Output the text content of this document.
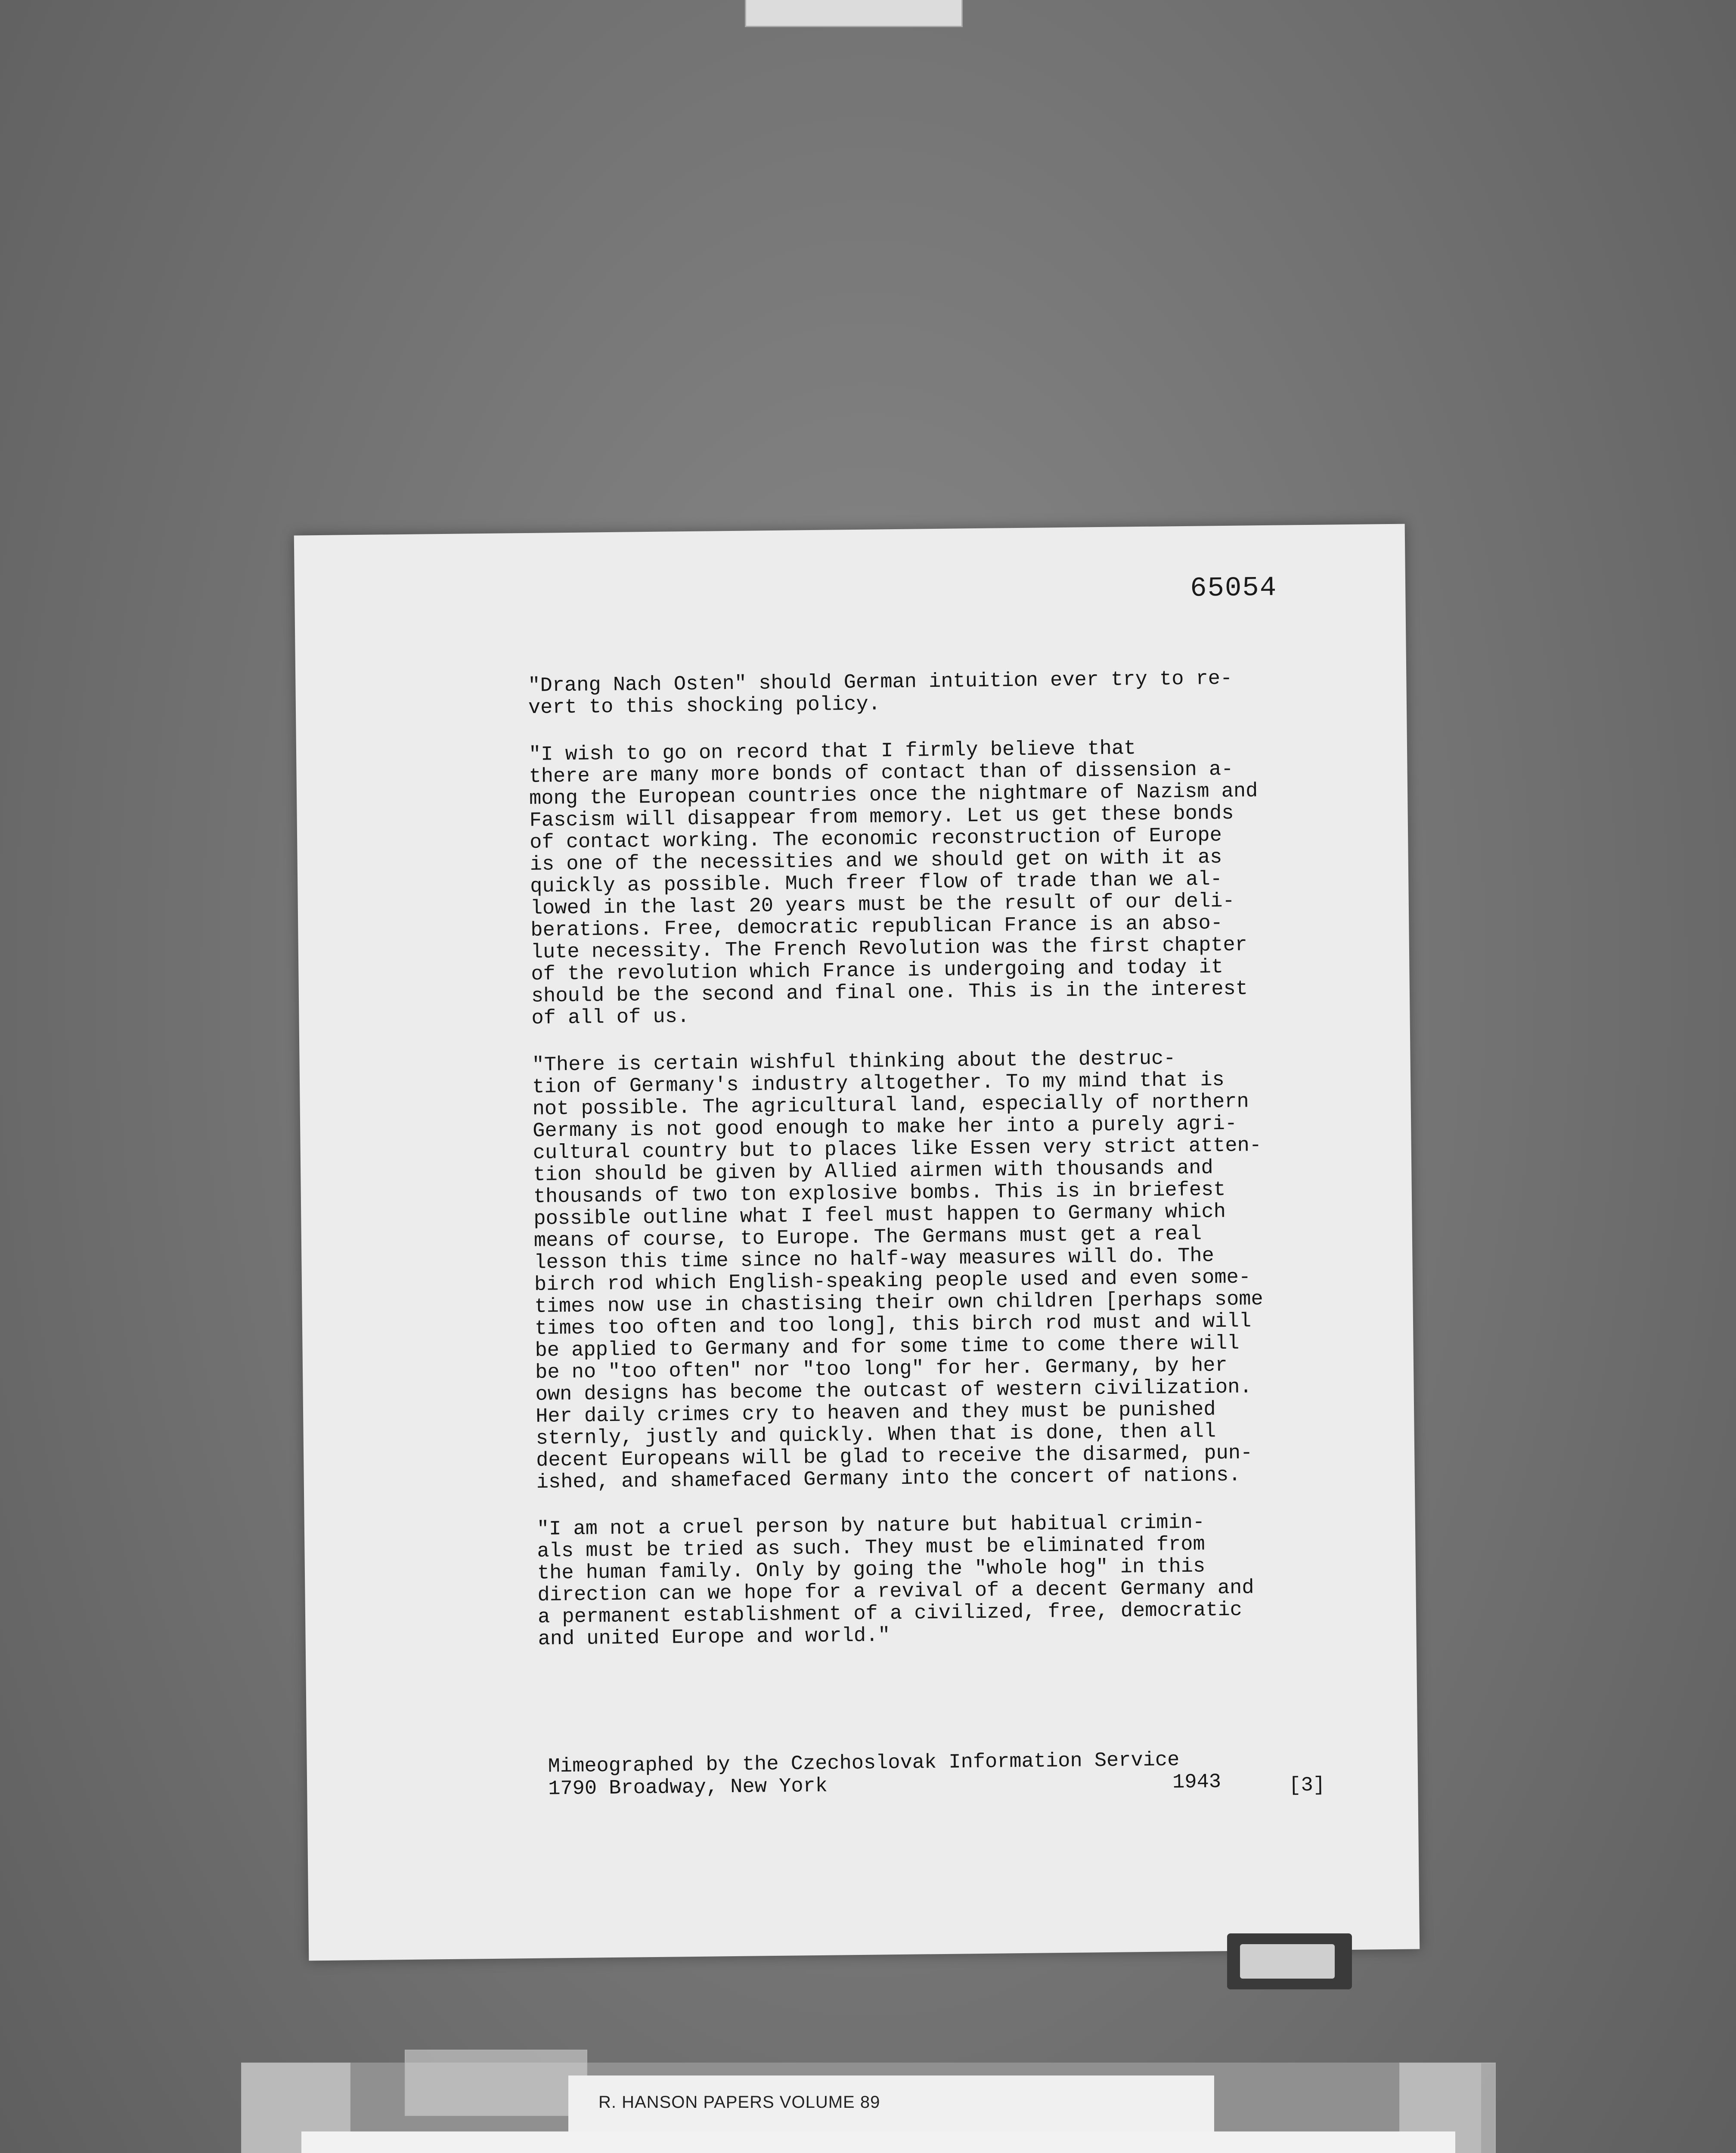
65054

"Drang Nach Osten" should German intuition ever try to re-
vert to this shocking policy.

"I wish to go on record that I firmly believe that
there are many more bonds of contact than of dissension a-
mong the European countries once the nightmare of Nazism and
Fascism will disappear from memory. Let us get these bonds
of contact working. The economic reconstruction of Europe
is one of the necessities and we should get on with it as
quickly as possible. Much freer flow of trade than we al-
lowed in the last 20 years must be the result of our deli-
berations. Free, democratic republican France is an abso-
lute necessity. The French Revolution was the first chapter
of the revolution which France is undergoing and today it
should be the second and final one. This is in the interest
of all of us.

"There is certain wishful thinking about the destruc-
tion of Germany's industry altogether. To my mind that is
not possible. The agricultural land, especially of northern
Germany is not good enough to make her into a purely agri-
cultural country but to places like Essen very strict atten-
tion should be given by Allied airmen with thousands and
thousands of two ton explosive bombs. This is in briefest
possible outline what I feel must happen to Germany which
means of course, to Europe. The Germans must get a real
lesson this time since no half-way measures will do. The
birch rod which English-speaking people used and even some-
times now use in chastising their own children [perhaps some
times too often and too long], this birch rod must and will
be applied to Germany and for some time to come there will
be no "too often" nor "too long" for her. Germany, by her
own designs has become the outcast of western civilization.
Her daily crimes cry to heaven and they must be punished
sternly, justly and quickly. When that is done, then all
decent Europeans will be glad to receive the disarmed, pun-
ished, and shamefaced Germany into the concert of nations.

"I am not a cruel person by nature but habitual crimin-
als must be tried as such. They must be eliminated from
the human family. Only by going the "whole hog" in this
direction can we hope for a revival of a decent Germany and
a permanent establishment of a civilized, free, democratic
and united Europe and world."

Mimeographed by the Czechoslovak Information Service
1790 Broadway, New York	1943	[3]
R. HANSON PAPERS VOLUME 89
